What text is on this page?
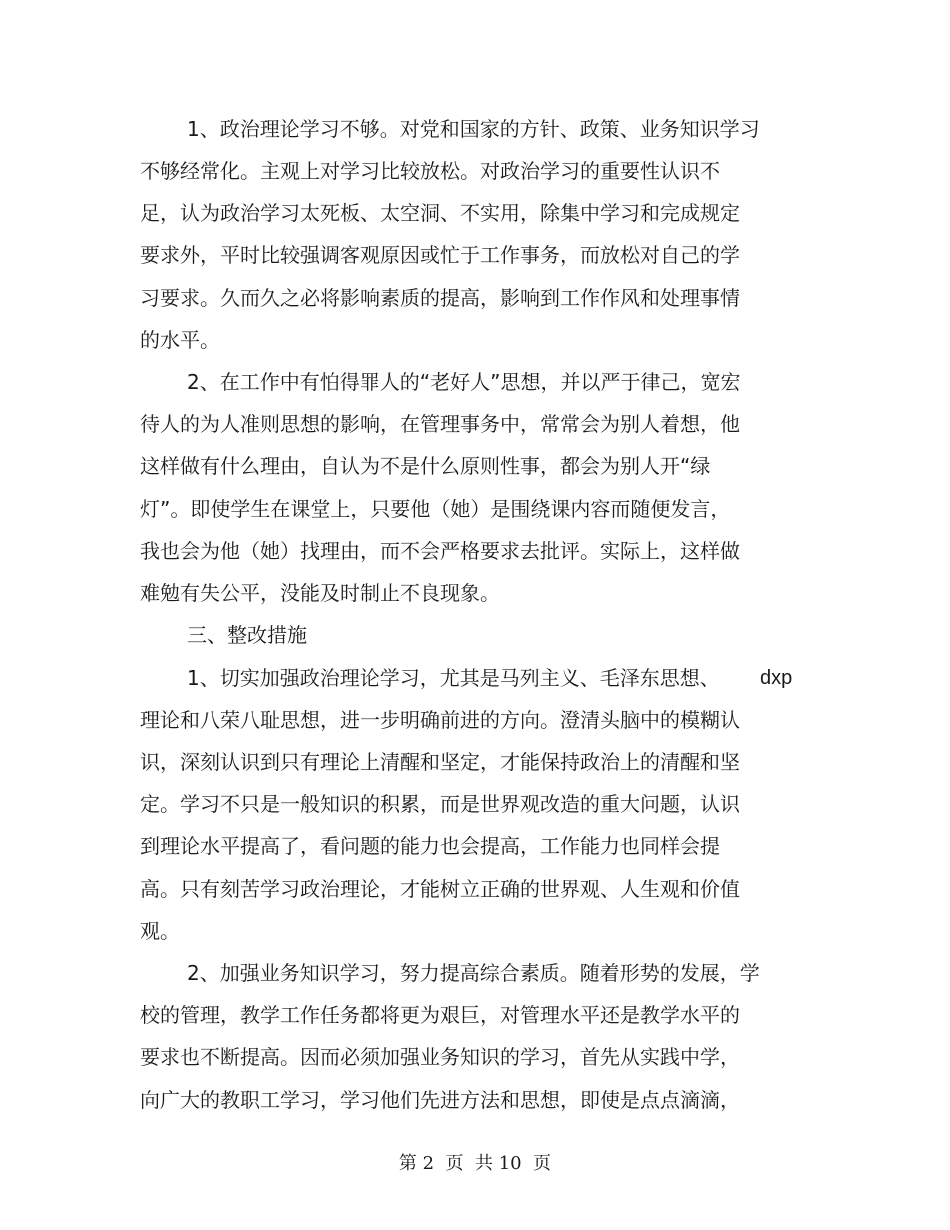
1、政治理论学习不够。对党和国家的方针、政策、业务知识学习
不够经常化。主观上对学习比较放松。对政治学习的重要性认识不
足，认为政治学习太死板、太空洞、不实用，除集中学习和完成规定
要求外，平时比较强调客观原因或忙于工作事务，而放松对自己的学
习要求。久而久之必将影响素质的提高，影响到工作作风和处理事情
的水平。
2、在工作中有怕得罪人的“老好人”思想，并以严于律己，宽宏
待人的为人准则思想的影响，在管理事务中，常常会为别人着想，他
这样做有什么理由，自认为不是什么原则性事，都会为别人开“绿
灯”。即使学生在课堂上，只要他（她）是围绕课内容而随便发言，
我也会为他（她）找理由，而不会严格要求去批评。实际上，这样做
难勉有失公平，没能及时制止不良现象。
三、整改措施
1、切实加强政治理论学习，尤其是马列主义、毛泽东思想、 dxp
理论和八荣八耻思想，进一步明确前进的方向。澄清头脑中的模糊认
识，深刻认识到只有理论上清醒和坚定，才能保持政治上的清醒和坚
定。学习不只是一般知识的积累，而是世界观改造的重大问题，认识
到理论水平提高了，看问题的能力也会提高，工作能力也同样会提
高。只有刻苦学习政治理论，才能树立正确的世界观、人生观和价值
观。
2、加强业务知识学习，努力提高综合素质。随着形势的发展，学
校的管理，教学工作任务都将更为艰巨，对管理水平还是教学水平的
要求也不断提高。因而必须加强业务知识的学习，首先从实践中学，
向广大的教职工学习，学习他们先进方法和思想，即使是点点滴滴，
第 2  页  共 10  页
